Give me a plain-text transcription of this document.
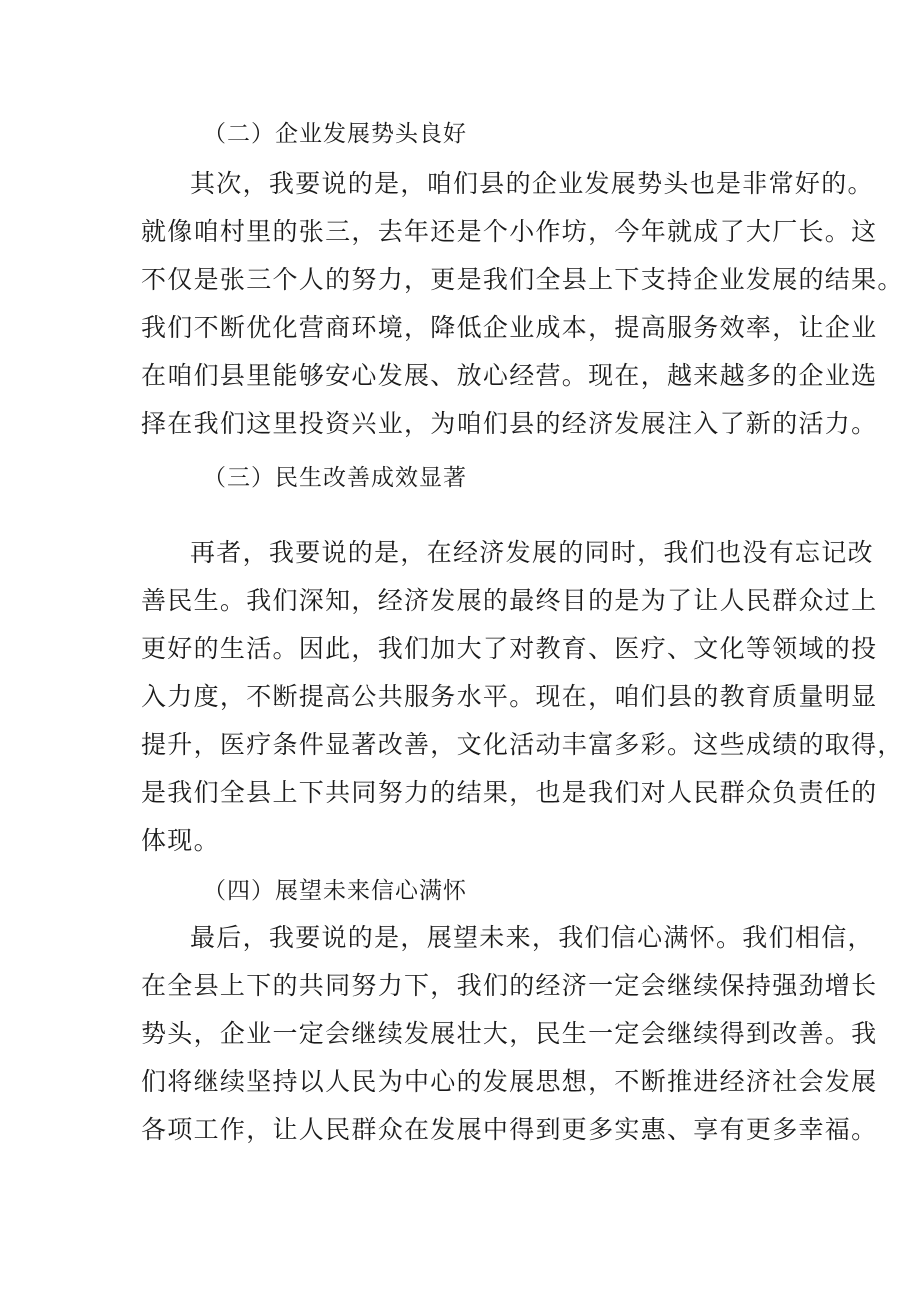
（二）企业发展势头良好
其次，我要说的是，咱们县的企业发展势头也是非常好的。
就像咱村里的张三，去年还是个小作坊，今年就成了大厂长。这
不仅是张三个人的努力，更是我们全县上下支持企业发展的结果。
我们不断优化营商环境，降低企业成本，提高服务效率，让企业
在咱们县里能够安心发展、放心经营。现在，越来越多的企业选
择在我们这里投资兴业，为咱们县的经济发展注入了新的活力。
（三）民生改善成效显著
再者，我要说的是，在经济发展的同时，我们也没有忘记改
善民生。我们深知，经济发展的最终目的是为了让人民群众过上
更好的生活。因此，我们加大了对教育、医疗、文化等领域的投
入力度，不断提高公共服务水平。现在，咱们县的教育质量明显
提升，医疗条件显著改善，文化活动丰富多彩。这些成绩的取得，
是我们全县上下共同努力的结果，也是我们对人民群众负责任的
体现。
（四）展望未来信心满怀
最后，我要说的是，展望未来，我们信心满怀。我们相信，
在全县上下的共同努力下，我们的经济一定会继续保持强劲增长
势头，企业一定会继续发展壮大，民生一定会继续得到改善。我
们将继续坚持以人民为中心的发展思想，不断推进经济社会发展
各项工作，让人民群众在发展中得到更多实惠、享有更多幸福。
